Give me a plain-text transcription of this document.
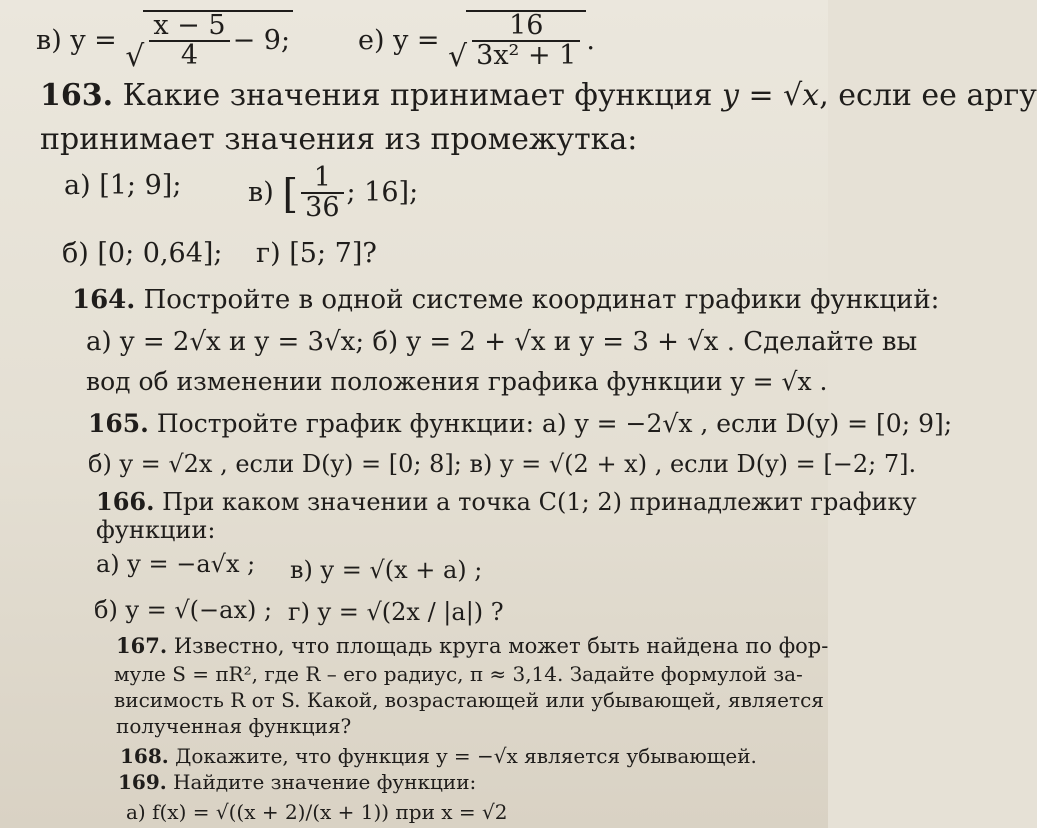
в) y = √ $\frac{x - 5}{4} - 9$;	е) y = √ $\frac{16}{\text{3x² + 1}}$ .
163. Какие значения принимает функция y = √x, если ее аргу
принимает значения из промежутка:
а) [1; 9]; в) [ $\frac{1}{36}$ ; 16];
б) [0; 0,64]; г) [5; 7]?
164. Постройте в одной системе координат графики функций:
а) y = 2√x и y = 3√x; б) y = 2 + √x и y = 3 + √x . Сделайте вы
вод об изменении положения графика функции y = √x .
165. Постройте график функции: а) y = −2√x , если D(y) = [0; 9];
б) y = √2x , если D(y) = [0; 8]; в) y = √(2 + x) , если D(y) = [−2; 7].
166. При каком значении a точка C(1; 2) принадлежит графику
функции:
а) y = −a√x ; в) y = √(x + a) ;
б) y = √(−ax) ; г) y = √(2x / |a|) ?
167. Известно, что площадь круга может быть найдена по фор-
муле S = πR², где R – его радиус, π ≈ 3,14. Задайте формулой за-
висимость R от S. Какой, возрастающей или убывающей, является
полученная функция?
168. Докажите, что функция y = −√x является убывающей.
169. Найдите значение функции:
а) f(x) = √((x + 2)/(x + 1)) при x = √2
